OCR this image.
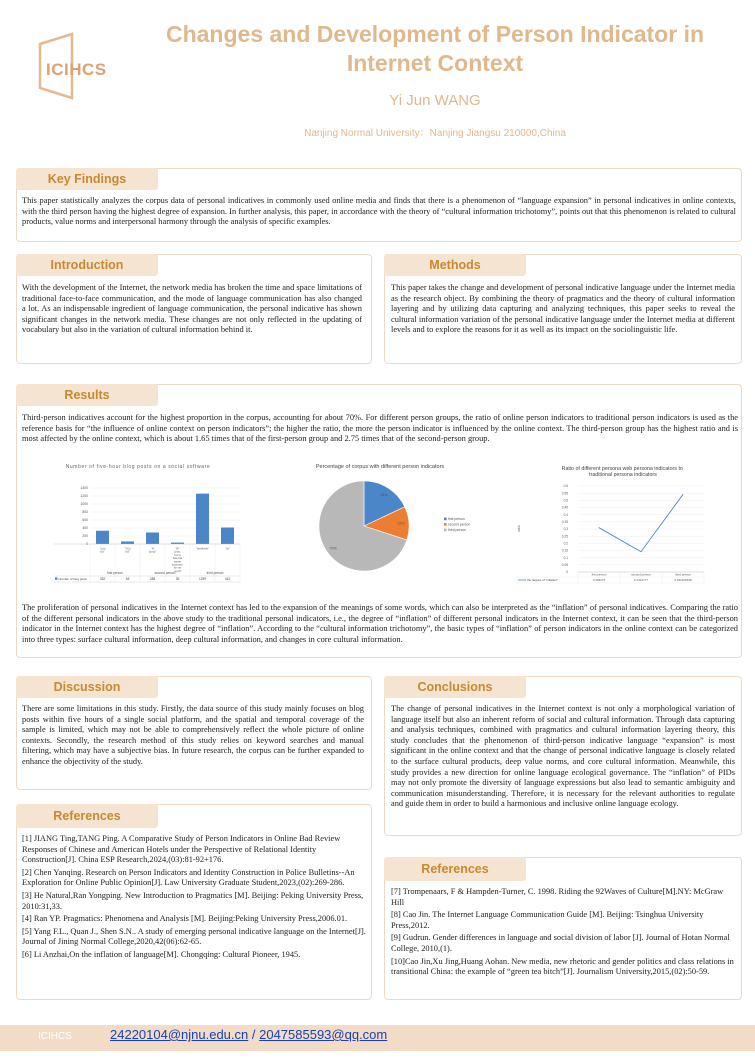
ICIHCS
Changes and Development of Person Indicator in Internet Context
Yi Jun WANG
Nanjing Normal University：Nanjing Jiangsu 210000,China
Key Findings
This paper statistically analyzes the corpus data of personal indicatives in commonly used online media and finds that there is a phenomenon of “language expansion” in personal indicatives in online contexts, with the third person having the highest degree of expansion. In further analysis, this paper, in accordance with the theory of “cultural information trichotomy”, points out that this phenomenon is related to cultural products, value norms and interpersonal harmony through the analysis of specific examples.
Introduction
With the development of the Internet, the network media has broken the time and space limitations of traditional face-to-face communication, and the mode of language communication has also changed a lot. As an indispensable ingredient of language communication, the personal indicative has shown significant changes in the network media. These changes are not only reflected in the updating of vocabulary but also in the variation of cultural information behind it.
Methods
This paper takes the change and development of personal indicative language under the Internet media as the research object. By combining the theory of pragmatics and the theory of cultural information layering and by utilizing data capturing and analyzing techniques, this paper seeks to reveal the cultural information variation of the personal indicative language under the Internet media at different levels and to explore the reasons for it as well as its impact on the sociolinguistic life.
Results
Third-person indicatives account for the highest proportion in the corpus, accounting for about 70%. For different person groups, the ratio of online person indicators to traditional person indicators is used as the reference basis for “the influence of online context on person indicators”; the higher the ratio, the more the person indicator is influenced by the online context. The third-person group has the highest ratio and is most affected by the online context, which is about 1.65 times that of the first-person group and 2.75 times that of the second-person group.
Number of five-hour blog posts on a social software
0
200
400
600
800
1000
1200
1400
“you (s)”
“YCs (s)”
“N (you)”
“B” (you, but it has the same pronoun for an “end”)
“she/he/it”	“ta”
first person	second person	third person
332	63	288	35	1259	412
Number of blog posts
Percentage of corpus with different person indicators
18%
12%
70%
first person
second person
third person
Ratio of different persona web persona indicators to traditional persona indicators
ratio
0
0.05
0.1
0.15
0.2
0.25
0.3
0.35
0.4
0.45
0.5
0.55
0.6
first person
0.309175
second person
0.1414777
third person
0.541166548
the degree of “inflation”
The proliferation of personal indicatives in the Internet context has led to the expansion of the meanings of some words, which can also be interpreted as the “inflation” of personal indicatives. Comparing the ratio of the different personal indicators in the above study to the traditional personal indicators, i.e., the degree of “inflation” of different personal indicators in the Internet context, it can be seen that the third-person indicator in the Internet context has the highest degree of “inflation”. According to the “cultural information trichotomy”, the basic types of “inflation” of person indicators in the online context can be categorized into three types: surface cultural information, deep cultural information, and changes in core cultural information.
Discussion
There are some limitations in this study. Firstly, the data source of this study mainly focuses on blog posts within five hours of a single social platform, and the spatial and temporal coverage of the sample is limited, which may not be able to comprehensively reflect the whole picture of online contexts. Secondly, the research method of this study relies on keyword searches and manual filtering, which may have a subjective bias. In future research, the corpus can be further expanded to enhance the objectivity of the study.
Conclusions
The change of personal indicatives in the Internet context is not only a morphological variation of language itself but also an inherent reform of social and cultural information. Through data capturing and analysis techniques, combined with pragmatics and cultural information layering theory, this study concludes that the phenomenon of third-person indicative language “expansion” is most significant in the online context and that the change of personal indicative language is closely related to the surface cultural products, deep value norms, and core cultural information. Meanwhile, this study provides a new direction for online language ecological governance. The “inflation” of PIDs may not only promote the diversity of language expressions but also lead to semantic ambiguity and communication misunderstanding. Therefore, it is necessary for the relevant authorities to regulate and guide them in order to build a harmonious and inclusive online language ecology.
References

[1] JIANG Ting,TANG Ping. A Comparative Study of Person Indicators in Online Bad Review Responses of Chinese and American Hotels under the Perspective of Relational Identity Construction[J]. China ESP Research,2024,(03):81-92+176.

[2] Chen Yanqing. Research on Person Indicators and Identity Construction in Police Bulletins--An Exploration for Online Public Opinion[J]. Law University Graduate Student,2023,(02):269-286.

[3] He Natural,Ran Yongping. New Introduction to Pragmatics [M]. Beijing: Peking University Press, 2010:31,33.

[4] Ran YP. Pragmatics: Phenomena and Analysis [M]. Beijing:Peking University Press,2006.01.

[5] Yang F.L., Quan J., Shen S.N.. A study of emerging personal indicative language on the Internet[J]. Journal of Jining Normal College,2020,42(06):62-65.

[6] Li Anzhai,On the inflation of language[M]. Chongqing: Cultural Pioneer, 1945.

References

[7] Trompenaars, F & Hampden-Turner, C. 1998. Riding the 92Waves of Culture[M].NY: McGraw Hill

[8] Cao Jin. The Internet Language Communication Guide [M]. Beijing: Tsinghua University Press,2012.

[9] Gudrun. Gender differences in language and social division of labor [J]. Journal of Hotan Normal College, 2010,(1).

[10]Cao Jin,Xu Jing,Huang Aohan. New media, new rhetoric and gender politics and class relations in transitional China: the example of “green tea bitch”[J]. Journalism University,2015,(02):50-59.

ICIHCS	24220104@njnu.edu.cn / 2047585593@qq.com
